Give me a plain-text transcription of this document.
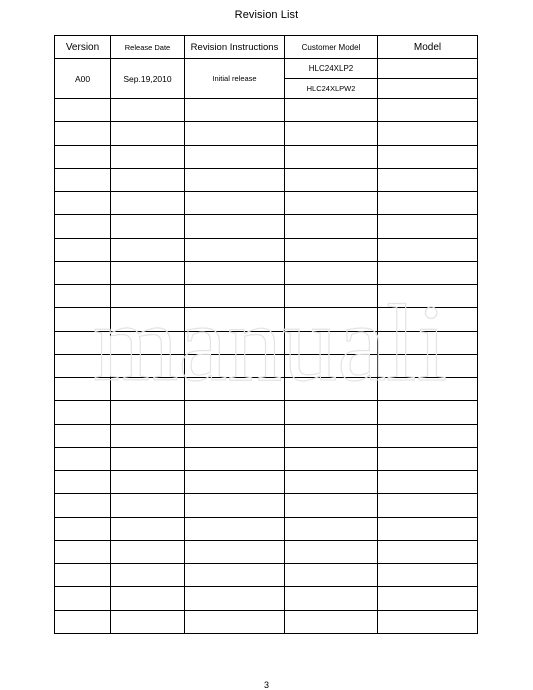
Revision List
Version	Release Date	Revision Instructions	Customer Model	Model
A00	Sep.19,2010	Initial release	HLC24XLP2	
			HLC24XLPW2	

manuali
3
